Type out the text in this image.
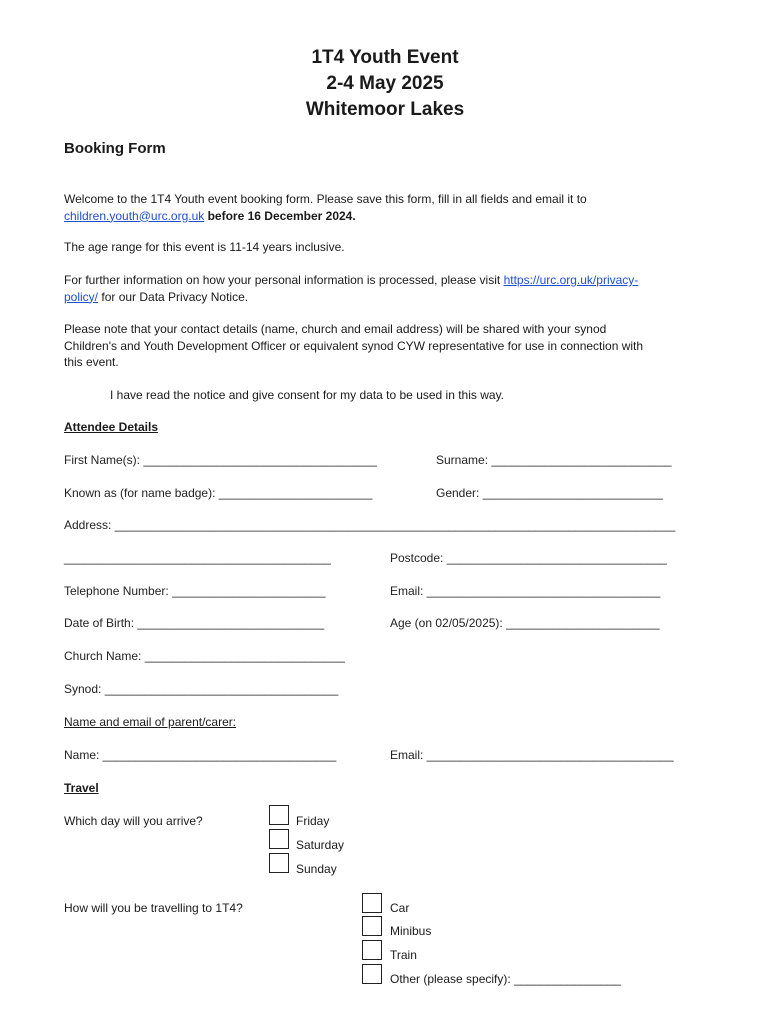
1T4 Youth Event
2-4 May 2025
Whitemoor Lakes
Booking Form
Welcome to the 1T4 Youth event booking form. Please save this form, fill in all fields and email it to
children.youth@urc.org.uk before 16 December 2024.
The age range for this event is 11-14 years inclusive.
For further information on how your personal information is processed, please visit https://urc.org.uk/privacy-
policy/ for our Data Privacy Notice.
Please note that your contact details (name, church and email address) will be shared with your synod
Children's and Youth Development Officer or equivalent synod CYW representative for use in connection with
this event.
I have read the notice and give consent for my data to be used in this way.
Attendee Details
First Name(s): ___________________________________	Surname: ___________________________
Known as (for name badge): _______________________	Gender: ___________________________
Address: ____________________________________________________________________________________
________________________________________	Postcode: _________________________________
Telephone Number: _______________________	Email: ___________________________________
Date of Birth: ____________________________	Age (on 02/05/2025): _______________________
Church Name: ______________________________
Synod: ___________________________________
Name and email of parent/carer:
Name: ___________________________________	Email: _____________________________________
Travel
Which day will you arrive?	Friday
Saturday
Sunday
How will you be travelling to 1T4?	Car
Minibus
Train
Other (please specify): ________________
